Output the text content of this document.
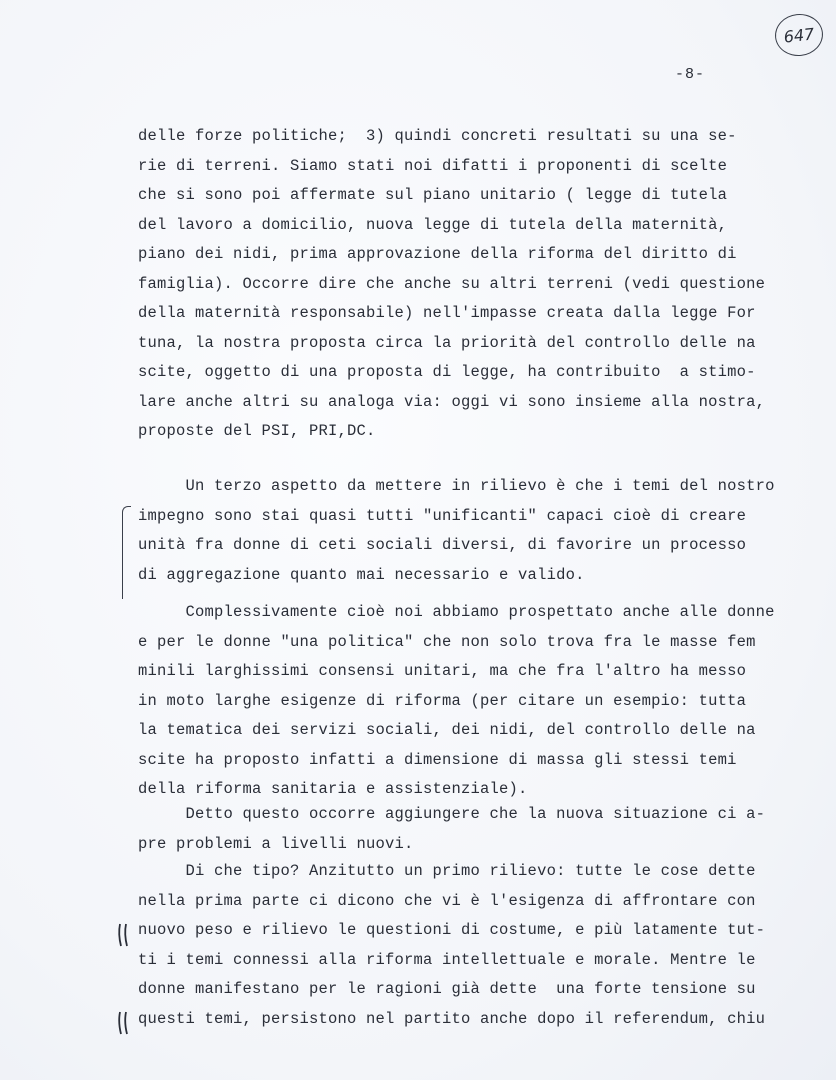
647
-8-
delle forze politiche;  3) quindi concreti resultati su una se-
rie di terreni. Siamo stati noi difatti i proponenti di scelte
che si sono poi affermate sul piano unitario ( legge di tutela
del lavoro a domicilio, nuova legge di tutela della maternità,
piano dei nidi, prima approvazione della riforma del diritto di
famiglia). Occorre dire che anche su altri terreni (vedi questione
della maternità responsabile) nell'impasse creata dalla legge For
tuna, la nostra proposta circa la priorità del controllo delle na
scite, oggetto di una proposta di legge, ha contribuito  a stimo-
lare anche altri su analoga via: oggi vi sono insieme alla nostra,
proposte del PSI, PRI,DC.
Un terzo aspetto da mettere in rilievo è che i temi del nostro
impegno sono stai quasi tutti "unificanti" capaci cioè di creare
unità fra donne di ceti sociali diversi, di favorire un processo
di aggregazione quanto mai necessario e valido.
Complessivamente cioè noi abbiamo prospettato anche alle donne
e per le donne "una politica" che non solo trova fra le masse fem
minili larghissimi consensi unitari, ma che fra l'altro ha messo
in moto larghe esigenze di riforma (per citare un esempio: tutta
la tematica dei servizi sociali, dei nidi, del controllo delle na
scite ha proposto infatti a dimensione di massa gli stessi temi
della riforma sanitaria e assistenziale).
Detto questo occorre aggiungere che la nuova situazione ci a-
pre problemi a livelli nuovi.
Di che tipo? Anzitutto un primo rilievo: tutte le cose dette
nella prima parte ci dicono che vi è l'esigenza di affrontare con
nuovo peso e rilievo le questioni di costume, e più latamente tut-
ti i temi connessi alla riforma intellettuale e morale. Mentre le
donne manifestano per le ragioni già dette  una forte tensione su
questi temi, persistono nel partito anche dopo il referendum, chiu
